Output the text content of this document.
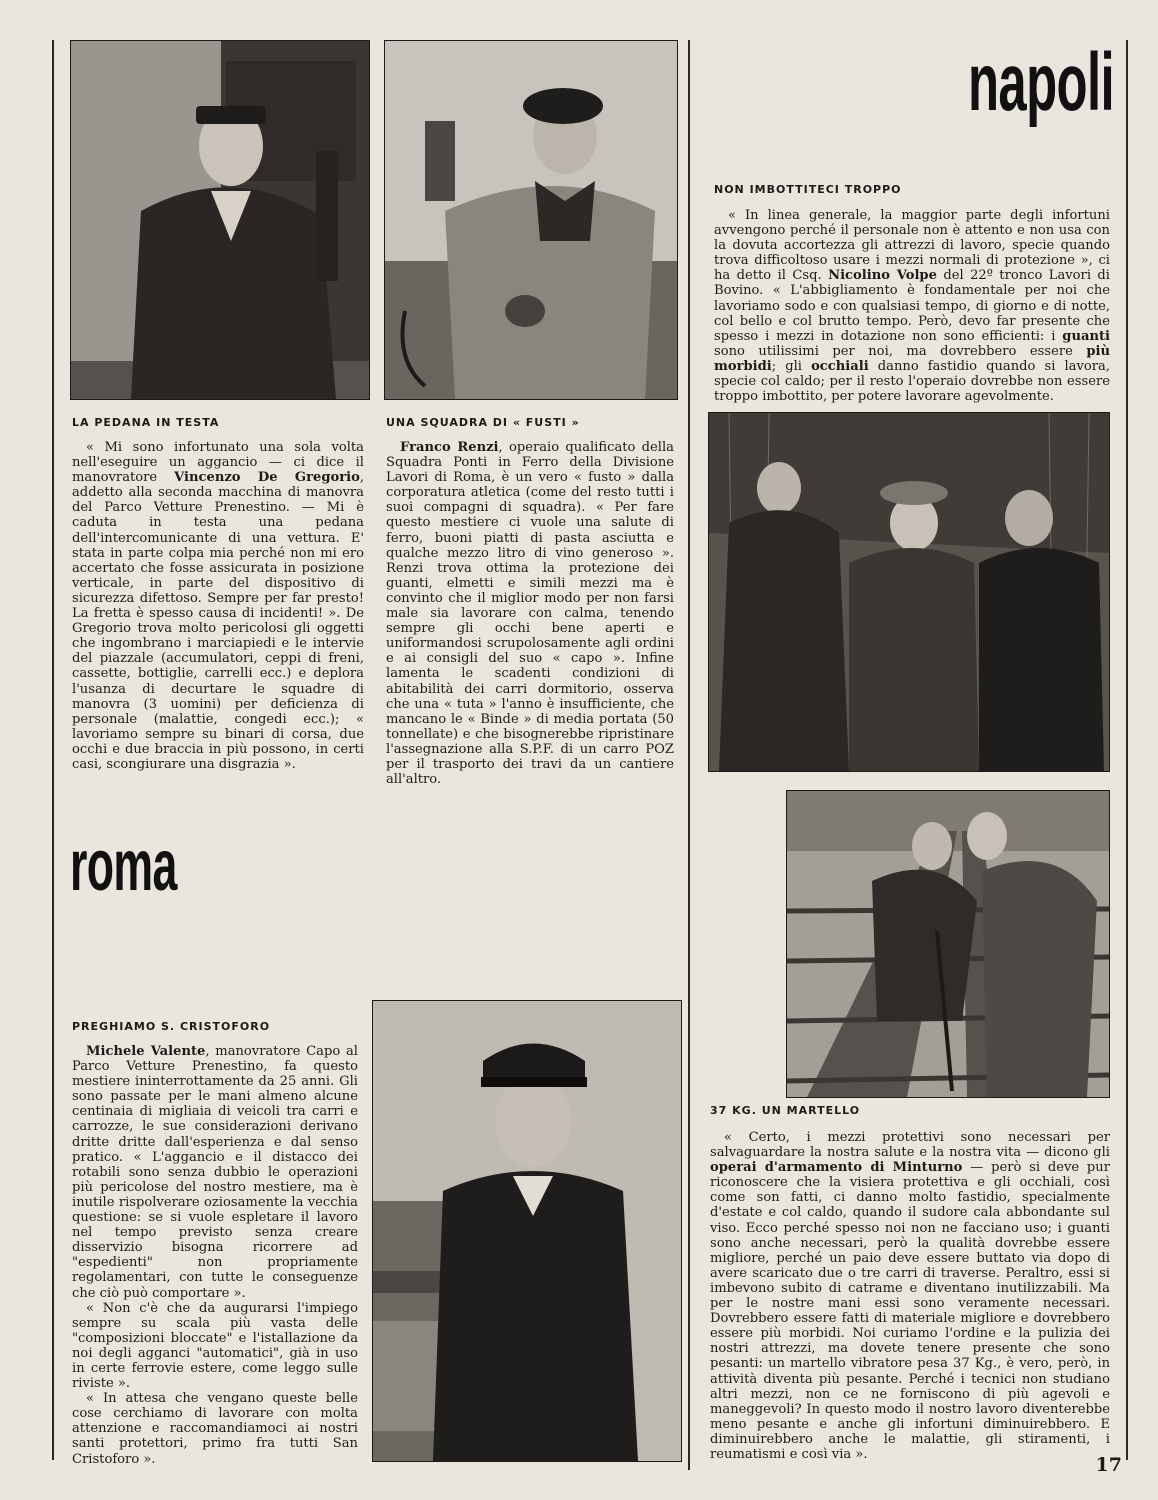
LA PEDANA IN TESTA	UNA SQUADRA DI « FUSTI »

« Mi sono infortunato una sola volta nell'eseguire un aggancio — ci dice il manovratore Vincenzo De Gregorio, addetto alla seconda macchina di manovra del Parco Vetture Prenestino. — Mi è caduta in testa una pedana dell'intercomunicante di una vettura. E' stata in parte colpa mia perché non mi ero accertato che fosse assicurata in posizione verticale, in parte del dispositivo di sicurezza difettoso. Sempre per far presto! La fretta è spesso causa di incidenti! ». De Gregorio trova molto pericolosi gli oggetti che ingombrano i marciapiedi e le intervie del piazzale (accumulatori, ceppi di freni, cassette, bottiglie, carrelli ecc.) e deplora l'usanza di decurtare le squadre di manovra (3 uomini) per deficienza di personale (malattie, congedi ecc.); « lavoriamo sempre su binari di corsa, due occhi e due braccia in più possono, in certi casi, scongiurare una disgrazia ».

Franco Renzi, operaio qualificato della Squadra Ponti in Ferro della Divisione Lavori di Roma, è un vero « fusto » dalla corporatura atletica (come del resto tutti i suoi compagni di squadra). « Per fare questo mestiere ci vuole una salute di ferro, buoni piatti di pasta asciutta e qualche mezzo litro di vino generoso ». Renzi trova ottima la protezione dei guanti, elmetti e simili mezzi ma è convinto che il miglior modo per non farsi male sia lavorare con calma, tenendo sempre gli occhi bene aperti e uniformandosi scrupolosamente agli ordini e ai consigli del suo « capo ». Infine lamenta le scadenti condizioni di abitabilità dei carri dormitorio, osserva che una « tuta » l'anno è insufficiente, che mancano le « Binde » di media portata (50 tonnellate) e che bisognerebbe ripristinare l'assegnazione alla S.P.F. di un carro POZ per il trasporto dei travi da un cantiere all'altro.

napoli
NON IMBOTTITECI TROPPO

« In linea generale, la maggior parte degli infortuni avvengono perché il personale non è attento e non usa con la dovuta accortezza gli attrezzi di lavoro, specie quando trova difficoltoso usare i mezzi normali di protezione », ci ha detto il Csq. Nicolino Volpe del 22º tronco Lavori di Bovino. « L'abbigliamento è fondamentale per noi che lavoriamo sodo e con qualsiasi tempo, di giorno e di notte, col bello e col brutto tempo. Però, devo far presente che spesso i mezzi in dotazione non sono efficienti: i guanti sono utilissimi per noi, ma dovrebbero essere più morbidi; gli occhiali danno fastidio quando si lavora, specie col caldo; per il resto l'operaio dovrebbe non essere troppo imbottito, per potere lavorare agevolmente.

37 KG. UN MARTELLO

« Certo, i mezzi protettivi sono necessari per salvaguardare la nostra salute e la nostra vita — dicono gli operai d'armamento di Minturno — però si deve pur riconoscere che la visiera protettiva e gli occhiali, così come son fatti, ci danno molto fastidio, specialmente d'estate e col caldo, quando il sudore cala abbondante sul viso. Ecco perché spesso noi non ne facciano uso; i guanti sono anche necessari, però la qualità dovrebbe essere migliore, perché un paio deve essere buttato via dopo di avere scaricato due o tre carri di traverse. Peraltro, essi si imbevono subito di catrame e diventano inutilizzabili. Ma per le nostre mani essi sono veramente necessari. Dovrebbero essere fatti di materiale migliore e dovrebbero essere più morbidi. Noi curiamo l'ordine e la pulizia dei nostri attrezzi, ma dovete tenere presente che sono pesanti: un martello vibratore pesa 37 Kg., è vero, però, in attività diventa più pesante. Perché i tecnici non studiano altri mezzi, non ce ne forniscono di più agevoli e maneggevoli? In questo modo il nostro lavoro diventerebbe meno pesante e anche gli infortuni diminuirebbero. E diminuirebbero anche le malattie, gli stiramenti, i reumatismi e così via ».

roma
PREGHIAMO S. CRISTOFORO

Michele Valente, manovratore Capo al Parco Vetture Prenestino, fa questo mestiere ininterrottamente da 25 anni. Gli sono passate per le mani almeno alcune centinaia di migliaia di veicoli tra carri e carrozze, le sue considerazioni derivano dritte dritte dall'esperienza e dal senso pratico. « L'aggancio e il distacco dei rotabili sono senza dubbio le operazioni più pericolose del nostro mestiere, ma è inutile rispolverare oziosamente la vecchia questione: se si vuole espletare il lavoro nel tempo previsto senza creare disservizio bisogna ricorrere ad "espedienti" non propriamente regolamentari, con tutte le conseguenze che ciò può comportare ».

« Non c'è che da augurarsi l'impiego sempre su scala più vasta delle "composizioni bloccate" e l'istallazione da noi degli agganci "automatici", già in uso in certe ferrovie estere, come leggo sulle riviste ».

« In attesa che vengano queste belle cose cerchiamo di lavorare con molta attenzione e raccomandiamoci ai nostri santi protettori, primo fra tutti San Cristoforo ».	17
